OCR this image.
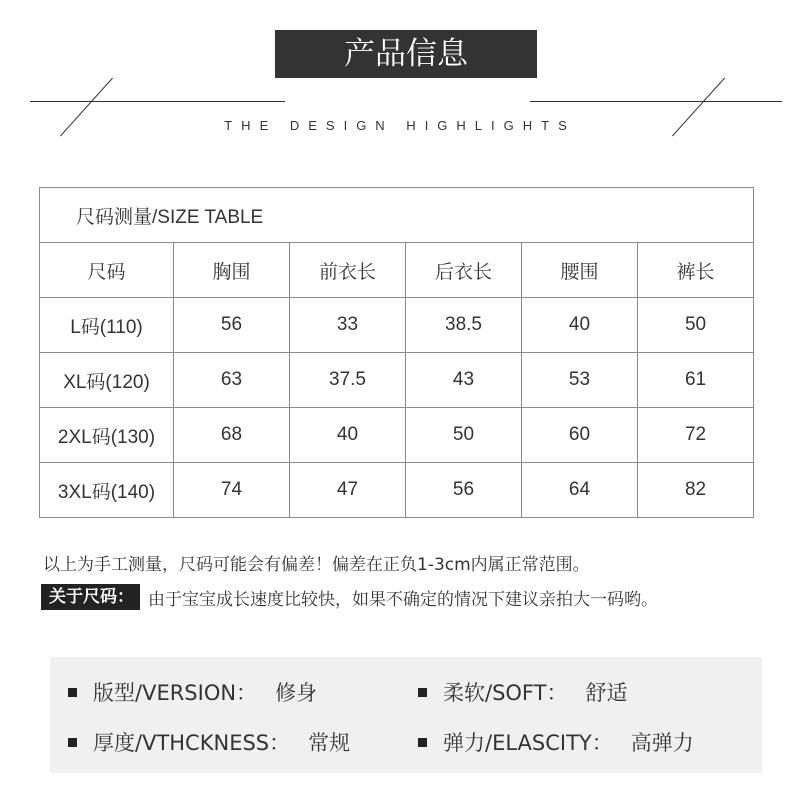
产品信息
THE DESIGN HIGHLIGHTS
尺码测量/SIZE TABLE					
尺码	胸围	前衣长	后衣长	腰围	裤长
L码(110)	56	33	38.5	40	50
XL码(120)	63	37.5	43	53	61
2XL码(130)	68	40	50	60	72
3XL码(140)	74	47	56	64	82
以上为手工测量，尺码可能会有偏差！偏差在正负1-3cm内属正常范围。
关于尺码： 由于宝宝成长速度比较快，如果不确定的情况下建议亲拍大一码哟。
版型/VERSION： 修身	柔软/SOFT： 舒适
厚度/VTHCKNESS： 常规	弹力/ELASCITY： 高弹力
